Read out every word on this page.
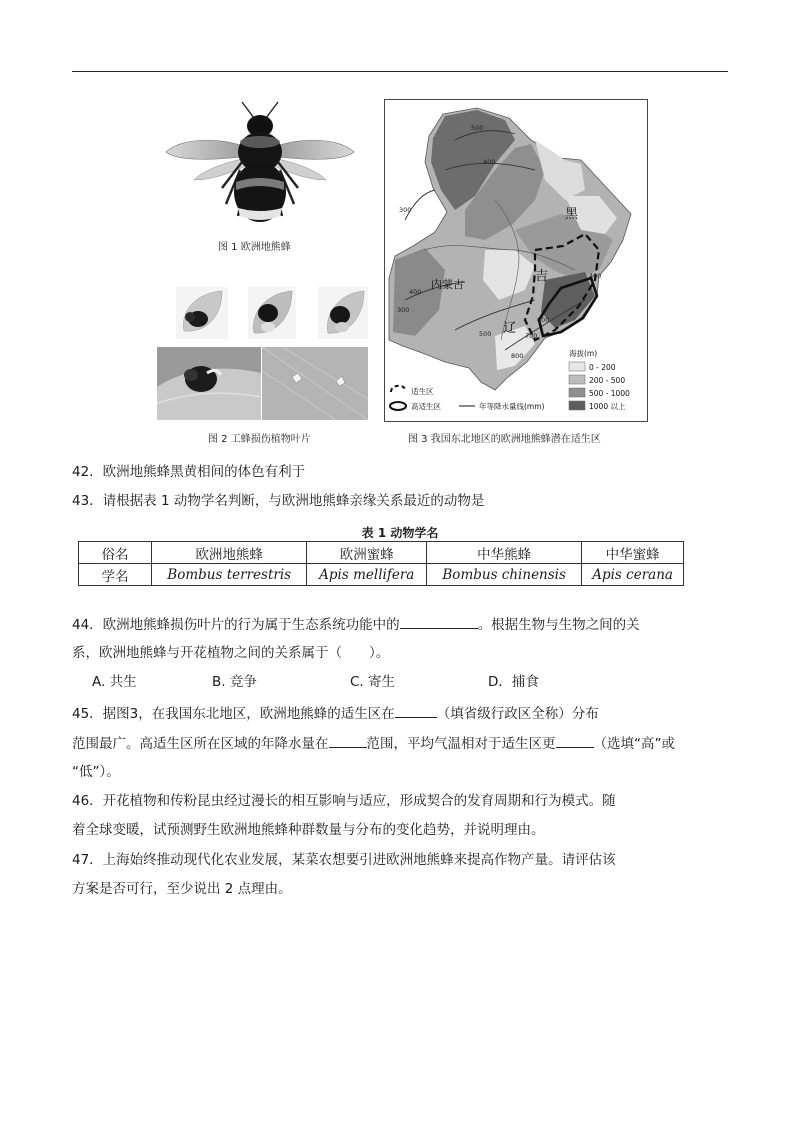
图 1 欧洲地熊蜂
图 2 工蜂损伤植物叶片
500
400
300
400
400
500
600
700
800
300
黑
吉
辽
内蒙古
海拔(m)
0 - 200
200 - 500
500 - 1000
1000 以上
适生区
高适生区	年等降水量线(mm)
图 3 我国东北地区的欧洲地熊蜂潜在适生区
42．欧洲地熊蜂黑黄相间的体色有利于
43．请根据表 1 动物学名判断，与欧洲地熊蜂亲缘关系最近的动物是
表 1 动物学名
俗名	欧洲地熊蜂	欧洲蜜蜂	中华熊蜂	中华蜜蜂
学名	Bombus terrestris	Apis mellifera	Bombus chinensis	Apis cerana
44．欧洲地熊蜂损伤叶片的行为属于生态系统功能中的	。根据生物与生物之间的关
系，欧洲地熊蜂与开花植物之间的关系属于（　　）。
A. 共生	B. 竞争	C. 寄生	D．捕食
45．据图3，在我国东北地区，欧洲地熊蜂的适生区在	（填省级行政区全称）分布
范围最广。高适生区所在区域的年降水量在	范围，平均气温相对于适生区更	（选填“高”或
“低”）。
46．开花植物和传粉昆虫经过漫长的相互影响与适应，形成契合的发育周期和行为模式。随
着全球变暖，试预测野生欧洲地熊蜂种群数量与分布的变化趋势，并说明理由。
47．上海始终推动现代化农业发展，某菜农想要引进欧洲地熊蜂来提高作物产量。请评估该
方案是否可行，至少说出 2 点理由。
